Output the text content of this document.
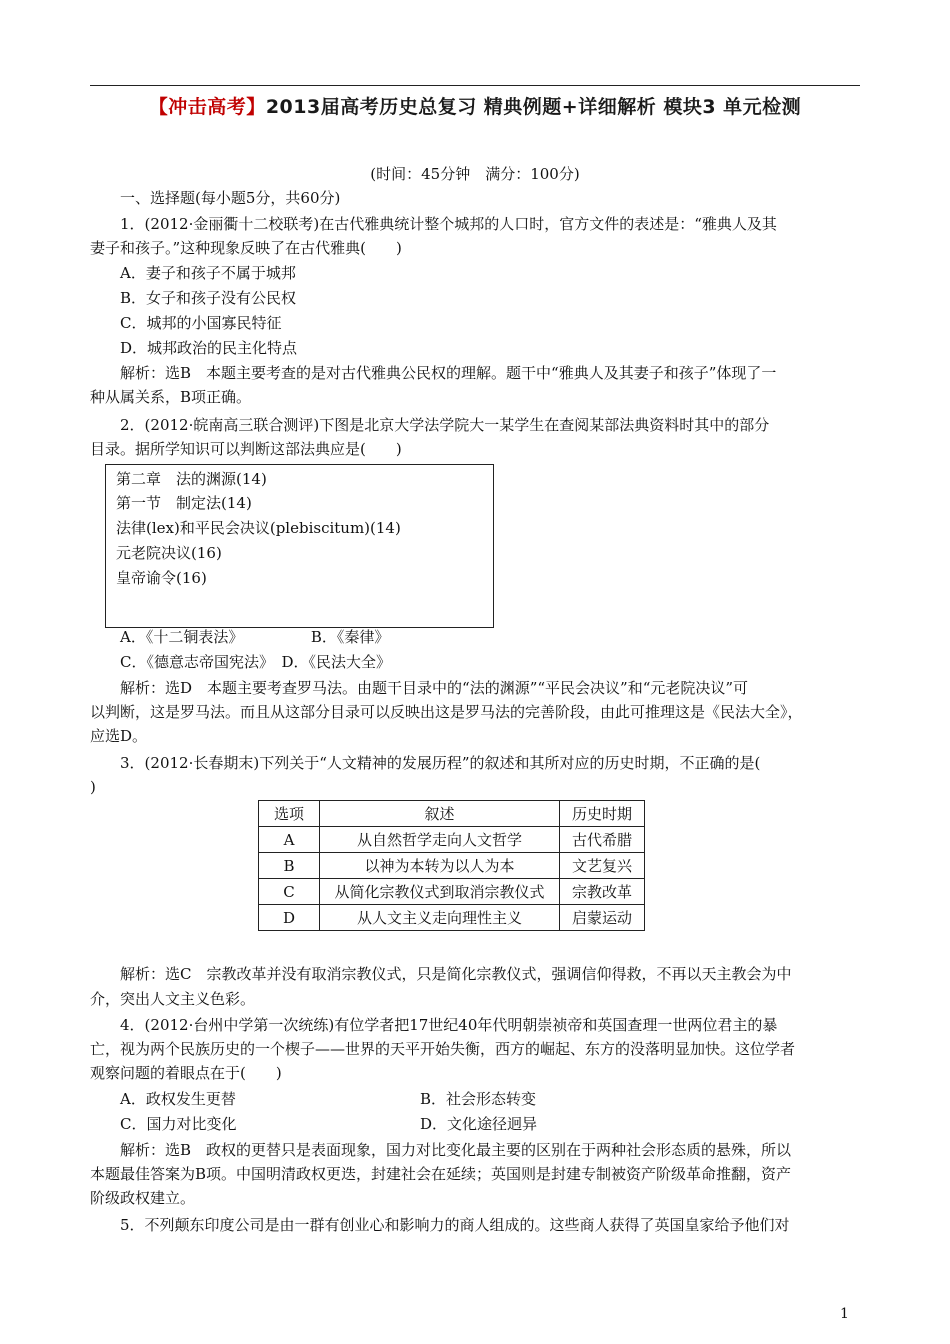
【冲击高考】2013届高考历史总复习 精典例题+详细解析 模块3 单元检测
(时间：45分钟　满分：100分)
一、选择题(每小题5分，共60分)
1．(2012·金丽衢十二校联考)在古代雅典统计整个城邦的人口时，官方文件的表述是：“雅典人及其
妻子和孩子。”这种现象反映了在古代雅典(　　)
A．妻子和孩子不属于城邦
B．女子和孩子没有公民权
C．城邦的小国寡民特征
D．城邦政治的民主化特点
解析：选B　本题主要考查的是对古代雅典公民权的理解。题干中“雅典人及其妻子和孩子”体现了一
种从属关系，B项正确。
2．(2012·皖南高三联合测评)下图是北京大学法学院大一某学生在查阅某部法典资料时其中的部分
目录。据所学知识可以判断这部法典应是(　　)
第二章　法的渊源(14)
第一节　制定法(14)
法律(lex)和平民会决议(plebiscitum)(14)
元老院决议(16)
皇帝谕令(16)
A．《十二铜表法》　　　　　B．《秦律》
C．《德意志帝国宪法》　D．《民法大全》
解析：选D　本题主要考查罗马法。由题干目录中的“法的渊源”“平民会决议”和“元老院决议”可
以判断，这是罗马法。而且从这部分目录可以反映出这是罗马法的完善阶段，由此可推理这是《民法大全》，
应选D。
3．(2012·长春期末)下列关于“人文精神的发展历程”的叙述和其所对应的历史时期，不正确的是(
)
选项	叙述	历史时期
A	从自然哲学走向人文哲学	古代希腊
B	以神为本转为以人为本	文艺复兴
C	从简化宗教仪式到取消宗教仪式	宗教改革
D	从人文主义走向理性主义	启蒙运动
解析：选C　宗教改革并没有取消宗教仪式，只是简化宗教仪式，强调信仰得救，不再以天主教会为中
介，突出人文主义色彩。
4．(2012·台州中学第一次统练)有位学者把17世纪40年代明朝崇祯帝和英国查理一世两位君主的暴
亡，视为两个民族历史的一个楔子——世界的天平开始失衡，西方的崛起、东方的没落明显加快。这位学者
观察问题的着眼点在于(　　)
A．政权发生更替	B．社会形态转变
C．国力对比变化	D．文化途径迥异
解析：选B　政权的更替只是表面现象，国力对比变化最主要的区别在于两种社会形态质的悬殊，所以
本题最佳答案为B项。中国明清政权更迭，封建社会在延续；英国则是封建专制被资产阶级革命推翻，资产
阶级政权建立。
5．不列颠东印度公司是由一群有创业心和影响力的商人组成的。这些商人获得了英国皇家给予他们对
1
